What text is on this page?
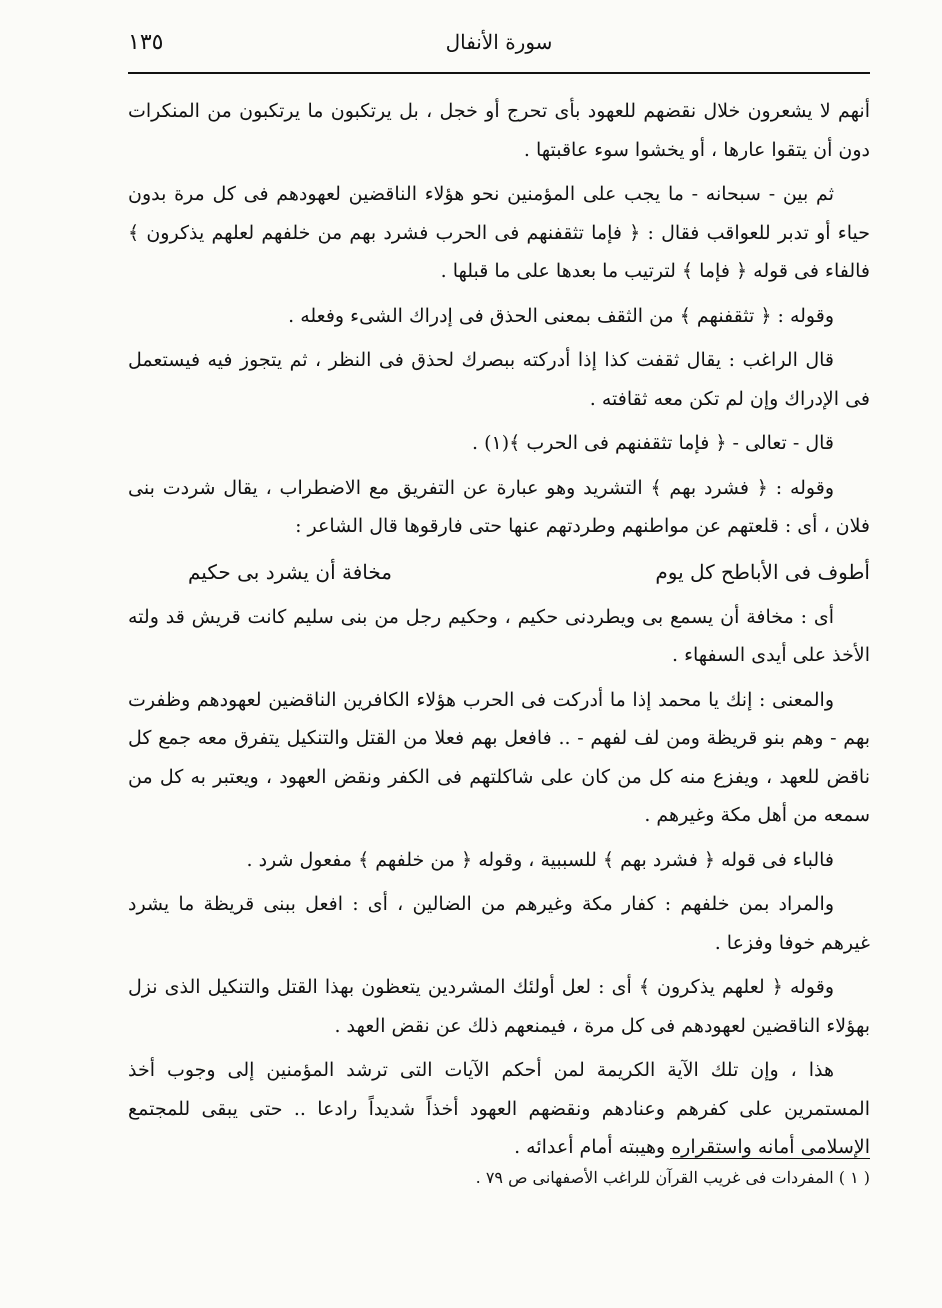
سورة الأنفال
١٣٥

أنهم لا يشعرون خلال نقضهم للعهود بأى تحرج أو خجل ، بل يرتكبون ما يرتكبون من المنكرات دون أن يتقوا عارها ، أو يخشوا سوء عاقبتها .

ثم بين - سبحانه - ما يجب على المؤمنين نحو هؤلاء الناقضين لعهودهم فى كل مرة بدون حياء أو تدبر للعواقب فقال : ﴿ فإما تثقفنهم فى الحرب فشرد بهم من خلفهم لعلهم يذكرون ﴾ فالفاء فى قوله ﴿ فإما ﴾ لترتيب ما بعدها على ما قبلها .

وقوله : ﴿ تثقفنهم ﴾ من الثقف بمعنى الحذق فى إدراك الشىء وفعله .

قال الراغب : يقال ثقفت كذا إذا أدركته ببصرك لحذق فى النظر ، ثم يتجوز فيه فيستعمل فى الإدراك وإن لم تكن معه ثقافته .

قال - تعالى - ﴿ فإما تثقفنهم فى الحرب ﴾(١) .

وقوله : ﴿ فشرد بهم ﴾ التشريد وهو عبارة عن التفريق مع الاضطراب ، يقال شردت بنى فلان ، أى : قلعتهم عن مواطنهم وطردتهم عنها حتى فارقوها قال الشاعر :

أطوف فى الأباطح كل يوم
مخافة أن يشرد بى حكيم

أى : مخافة أن يسمع بى ويطردنى حكيم ، وحكيم رجل من بنى سليم كانت قريش قد ولته الأخذ على أيدى السفهاء .

والمعنى : إنك يا محمد إذا ما أدركت فى الحرب هؤلاء الكافرين الناقضين لعهودهم وظفرت بهم - وهم بنو قريظة ومن لف لفهم - .. فافعل بهم فعلا من القتل والتنكيل يتفرق معه جمع كل ناقض للعهد ، ويفزع منه كل من كان على شاكلتهم فى الكفر ونقض العهود ، ويعتبر به كل من سمعه من أهل مكة وغيرهم .

فالباء فى قوله ﴿ فشرد بهم ﴾ للسببية ، وقوله ﴿ من خلفهم ﴾ مفعول شرد .

والمراد بمن خلفهم : كفار مكة وغيرهم من الضالين ، أى : افعل ببنى قريظة ما يشرد غيرهم خوفا وفزعا .

وقوله ﴿ لعلهم يذكرون ﴾ أى : لعل أولئك المشردين يتعظون بهذا القتل والتنكيل الذى نزل بهؤلاء الناقضين لعهودهم فى كل مرة ، فيمنعهم ذلك عن نقض العهد .

هذا ، وإن تلك الآية الكريمة لمن أحكم الآيات التى ترشد المؤمنين إلى وجوب أخذ المستمرين على كفرهم وعنادهم ونقضهم العهود أخذاً شديداً رادعا .. حتى يبقى للمجتمع الإسلامى أمانه واستقراره وهيبته أمام أعدائه .

( ١ ) المفردات فى غريب القرآن للراغب الأصفهانى ص ٧٩ .
